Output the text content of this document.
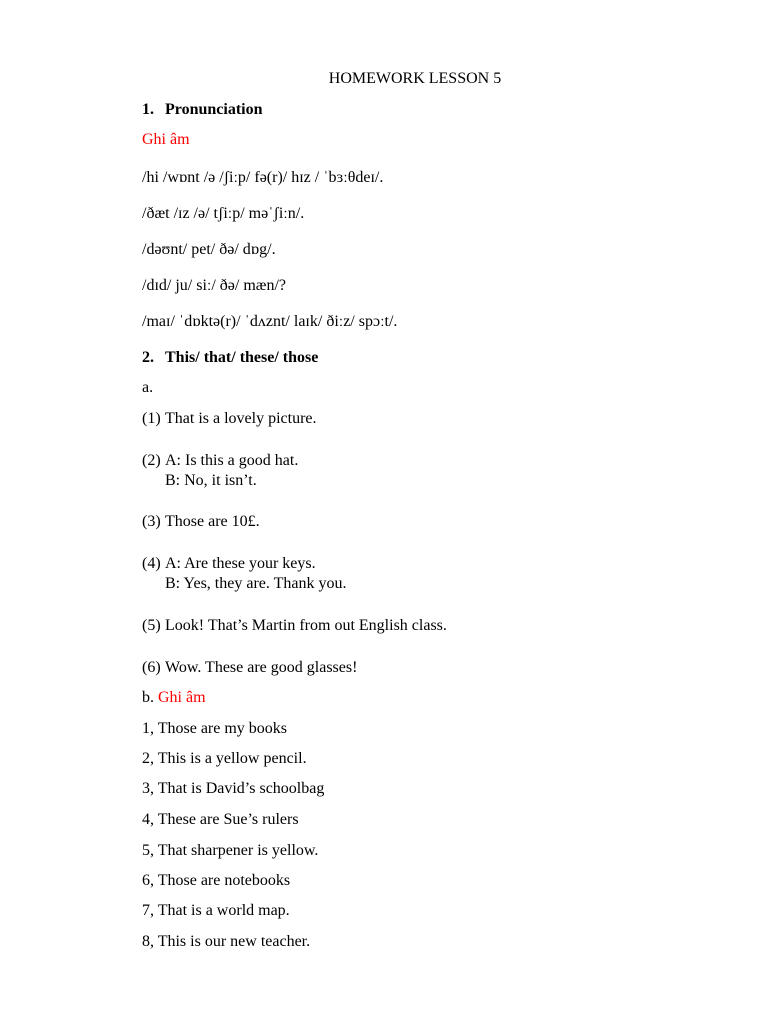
HOMEWORK LESSON 5
1. Pronunciation
Ghi âm
/hi /wɒnt /ə /ʃiːp/ fə(r)/ hɪz / ˈbɜːθdeɪ/.
/ðæt /ɪz /ə/ tʃiːp/ məˈʃiːn/.
/dəʊnt/ pet/ ðə/ dɒg/.
/dɪd/ ju/ siː/ ðə/ mæn/?
/maɪ/ ˈdɒktə(r)/ ˈdʌznt/ laɪk/ ðiːz/ spɔːt/.
2. This/ that/ these/ those
a.
(1) That is a lovely picture.
(2) A: Is this a good hat.
B: No, it isn’t.
(3) Those are 10£.
(4) A: Are these your keys.
B: Yes, they are. Thank you.
(5) Look! That’s Martin from out English class.
(6) Wow. These are good glasses!
b. Ghi âm
1, Those are my books
2, This is a yellow pencil.
3, That is David’s schoolbag
4, These are Sue’s rulers
5, That sharpener is yellow.
6, Those are notebooks
7, That is a world map.
8, This is our new teacher.
